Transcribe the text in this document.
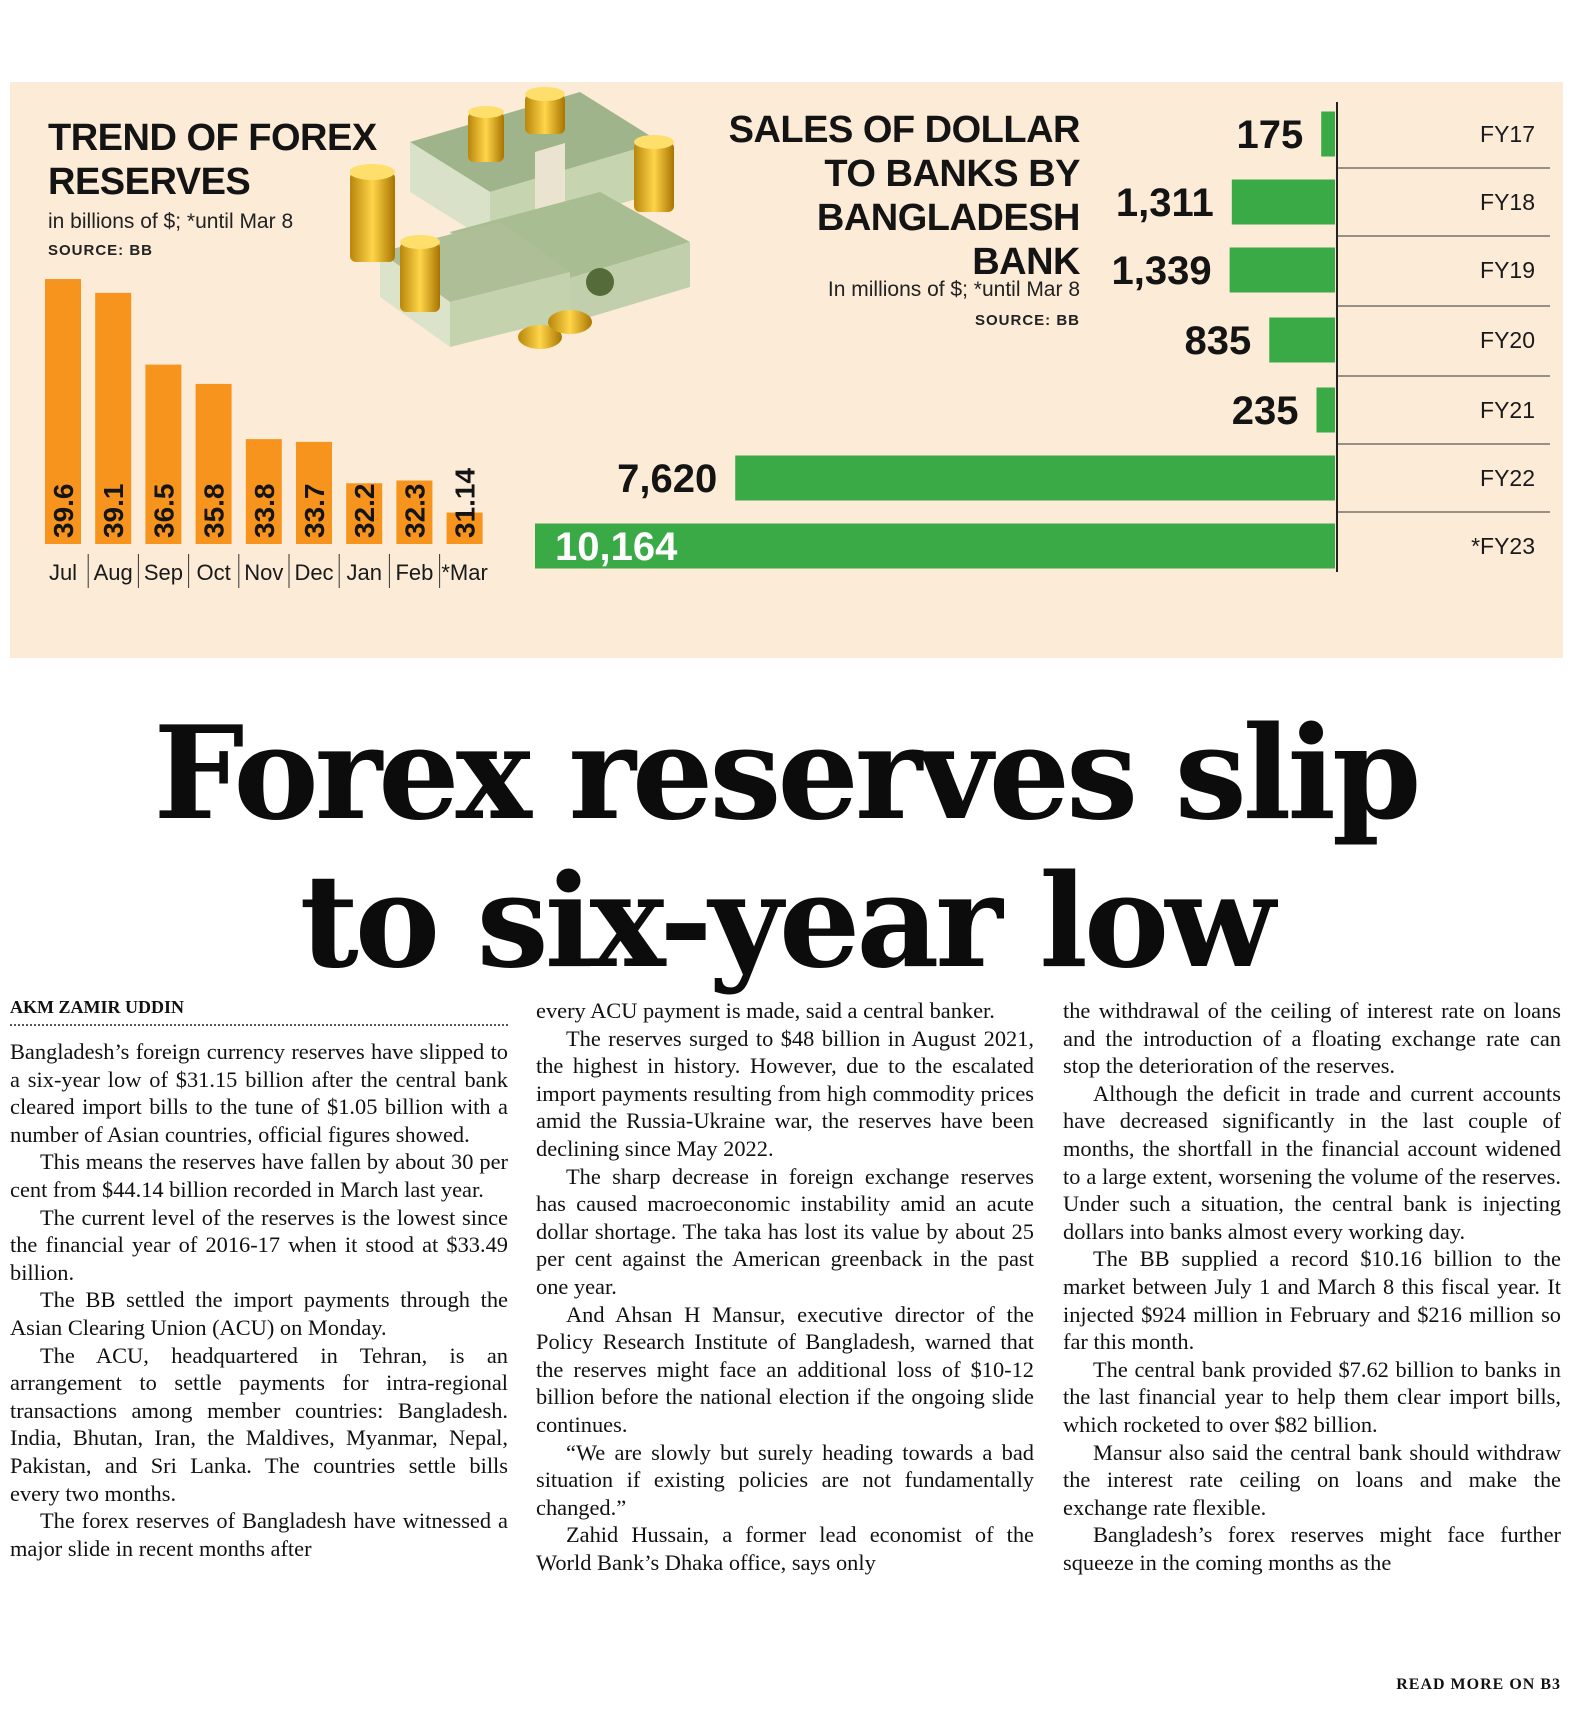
TREND OF FOREX
RESERVES
in billions of $; *until Mar 8
SOURCE: BB
39.6
Jul
39.1
Aug
36.5
Sep
35.8
Oct
33.8
Nov
33.7
Dec
32.2
Jan
32.3
Feb
31.14
*Mar
SALES OF DOLLAR
TO BANKS BY
BANGLADESH
BANK
In millions of $; *until Mar 8
SOURCE: BB
175	FY17
1,311	FY18
1,339	FY19
835	FY20
235	FY21
7,620	FY22
10,164	*FY23
Forex reserves slip
to six-year low
AKM ZAMIR UDDIN

Bangladesh’s foreign currency reserves have slipped to a six-year low of $31.15 billion after the central bank cleared import bills to the tune of $1.05 billion with a number of Asian countries, official figures showed.

This means the reserves have fallen by about 30 per cent from $44.14 billion recorded in March last year.

The current level of the reserves is the lowest since the financial year of 2016-17 when it stood at $33.49 billion.

The BB settled the import payments through the Asian Clearing Union (ACU) on Monday.

The ACU, headquartered in Tehran, is an arrangement to settle payments for intra-regional transactions among member countries: Bangladesh. India, Bhutan, Iran, the Maldives, Myanmar, Nepal, Pakistan, and Sri Lanka. The countries settle bills every two months.

The forex reserves of Bangladesh have witnessed a major slide in recent months after

every ACU payment is made, said a central banker.

The reserves surged to $48 billion in August 2021, the highest in history. However, due to the escalated import payments resulting from high commodity prices amid the Russia-Ukraine war, the reserves have been declining since May 2022.

The sharp decrease in foreign exchange reserves has caused macroeconomic instability amid an acute dollar shortage. The taka has lost its value by about 25 per cent against the American greenback in the past one year.

And Ahsan H Mansur, executive director of the Policy Research Institute of Bangladesh, warned that the reserves might face an additional loss of $10-12 billion before the national election if the ongoing slide continues.

“We are slowly but surely heading towards a bad situation if existing policies are not fundamentally changed.”

Zahid Hussain, a former lead economist of the World Bank’s Dhaka office, says only

the withdrawal of the ceiling of interest rate on loans and the introduction of a floating exchange rate can stop the deterioration of the reserves.

Although the deficit in trade and current accounts have decreased significantly in the last couple of months, the shortfall in the financial account widened to a large extent, worsening the volume of the reserves. Under such a situation, the central bank is injecting dollars into banks almost every working day.

The BB supplied a record $10.16 billion to the market between July 1 and March 8 this fiscal year. It injected $924 million in February and $216 million so far this month.

The central bank provided $7.62 billion to banks in the last financial year to help them clear import bills, which rocketed to over $82 billion.

Mansur also said the central bank should withdraw the interest rate ceiling on loans and make the exchange rate flexible.

Bangladesh’s forex reserves might face further squeeze in the coming months as the

READ MORE ON B3
